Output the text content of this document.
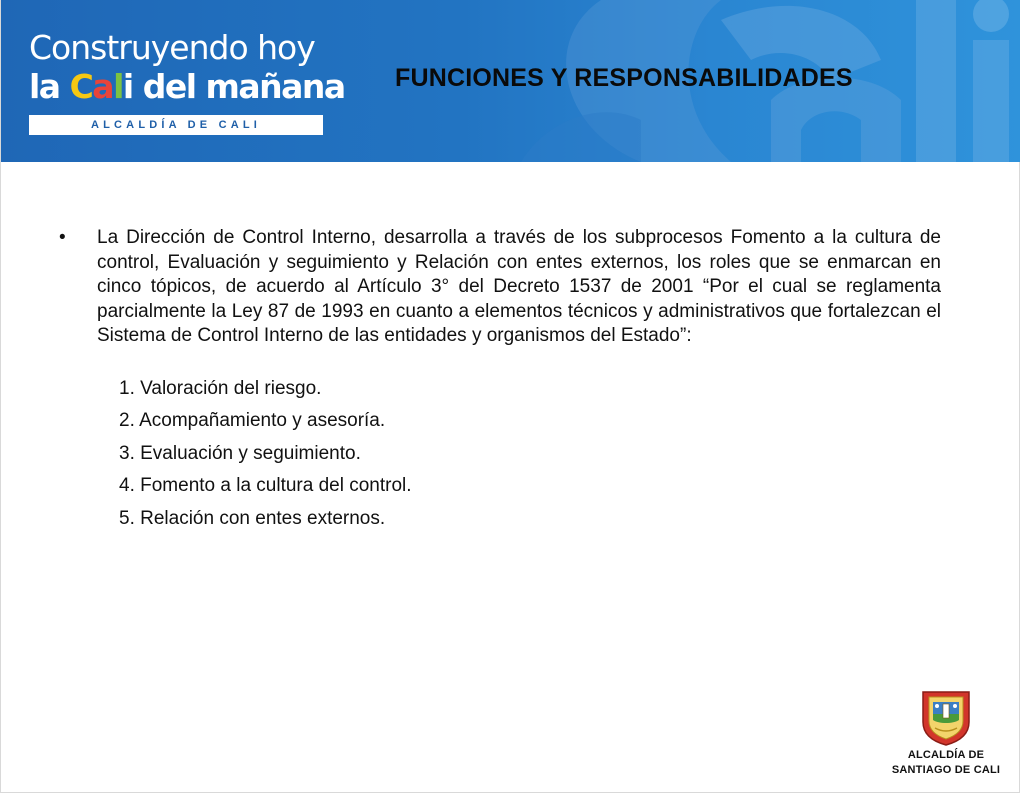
Construyendo hoy
la Cali del mañana
ALCALDÍA DE CALI
FUNCIONES Y RESPONSABILIDADES
•	La Dirección de Control Interno, desarrolla a través de los subprocesos Fomento a la cultura de control, Evaluación y seguimiento y Relación con entes externos, los roles que se enmarcan en cinco tópicos, de acuerdo al Artículo 3° del Decreto 1537 de 2001 “Por el cual se reglamenta parcialmente la Ley 87 de 1993 en cuanto a elementos técnicos y administrativos que fortalezcan el Sistema de Control Interno de las entidades y organismos del Estado”:
1. Valoración del riesgo.
2. Acompañamiento y asesoría.
3. Evaluación y seguimiento.
4. Fomento a la cultura del control.
5. Relación con entes externos.
ALCALDÍA DE
SANTIAGO DE CALI
